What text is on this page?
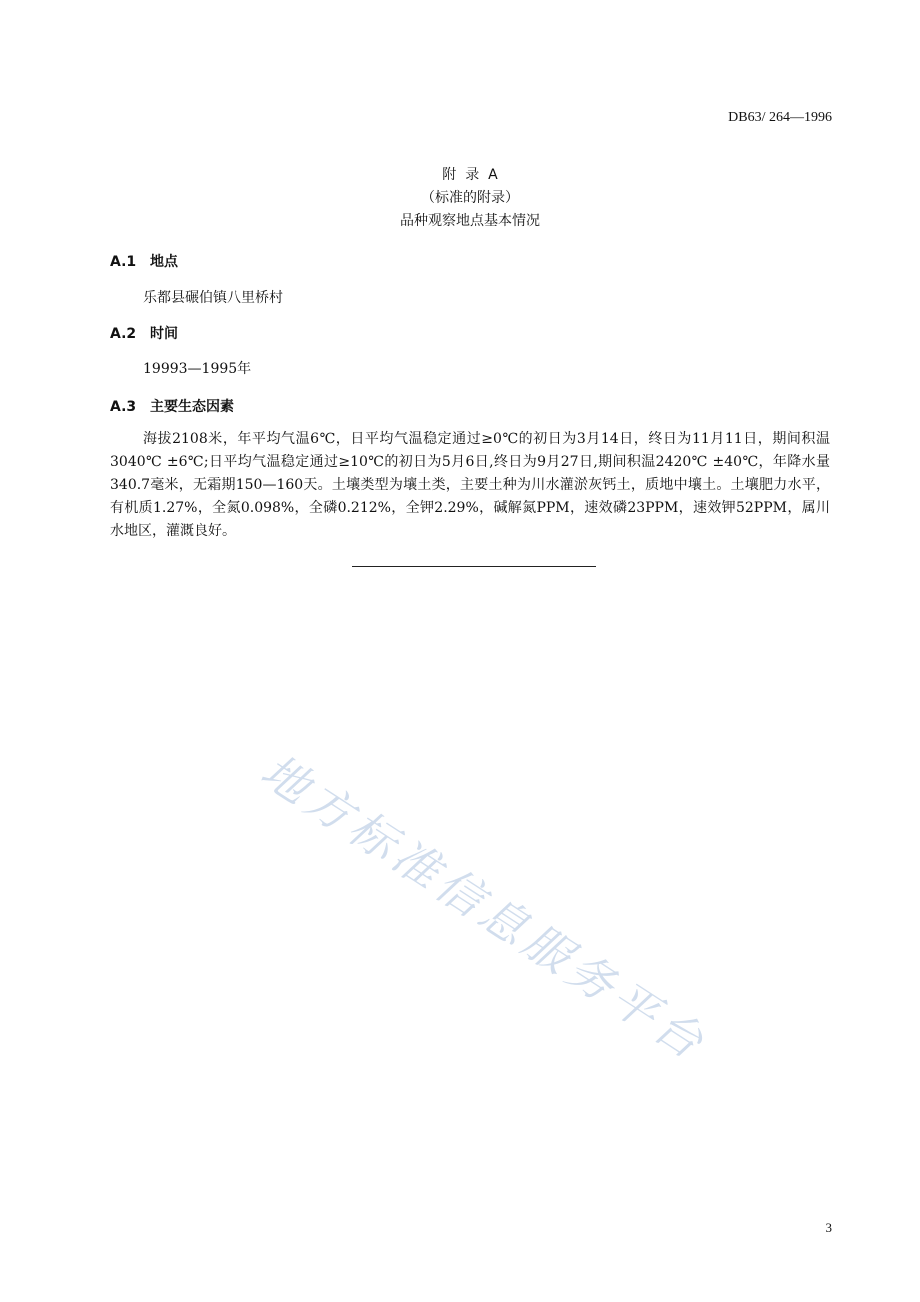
DB63/ 264—1996
附  录  A
（标准的附录）
品种观察地点基本情况
A.1 地点
乐都县碾伯镇八里桥村
A.2 时间
19993—1995年
A.3 主要生态因素
海拔2108米，年平均气温6℃，日平均气温稳定通过≥0℃的初日为3月14日，终日为11月11日，期间积温3040℃ ±6℃;日平均气温稳定通过≥10℃的初日为5月6日,终日为9月27日,期间积温2420℃ ±40℃，年降水量340.7毫米，无霜期150—160天。土壤类型为壤土类，主要土种为川水灌淤灰钙土，质地中壤土。土壤肥力水平，有机质1.27%，全氮0.098%，全磷0.212%，全钾2.29%，碱解氮PPM，速效磷23PPM，速效钾52PPM，属川水地区，灌溉良好。
地方标准信息服务平台
3
